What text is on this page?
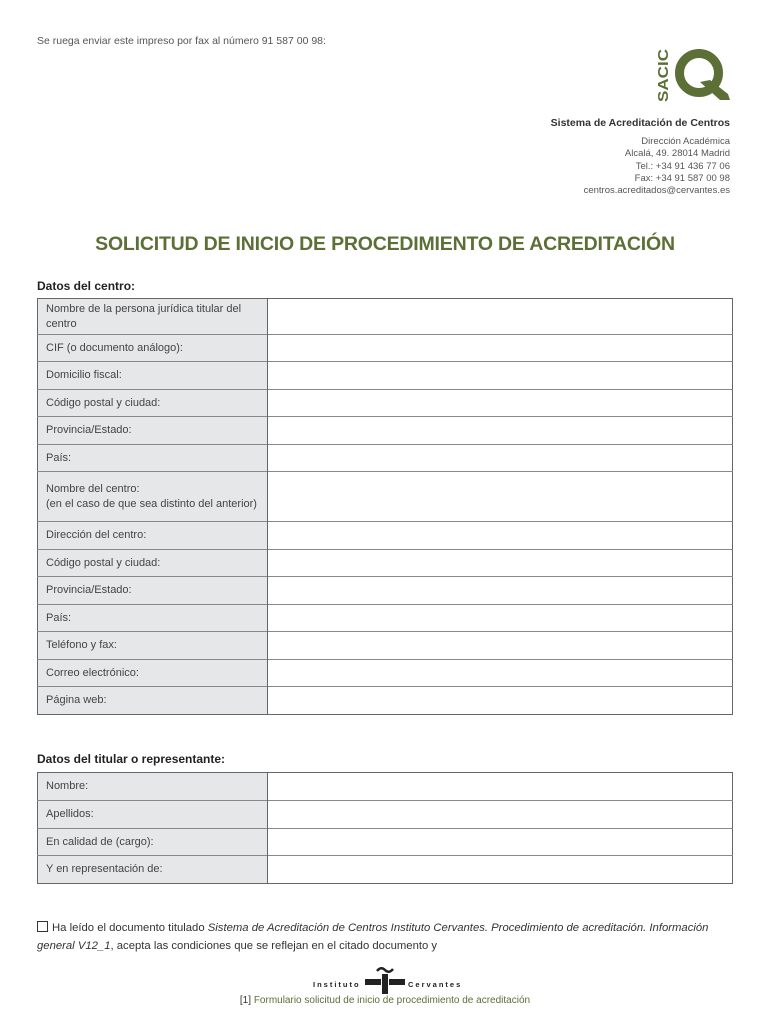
Se ruega enviar este impreso por fax al número 91 587 00 98:
SACIC
Sistema de Acreditación de Centros
Dirección Académica
Alcalá, 49. 28014 Madrid
Tel.: +34 91 436 77 06
Fax: +34 91 587 00 98
centros.acreditados@cervantes.es
SOLICITUD DE INICIO DE PROCEDIMIENTO DE ACREDITACIÓN
Datos del centro:
Nombre de la persona jurídica titular del centro	
CIF (o documento análogo):	
Domicilio fiscal:	
Código postal y ciudad:	
Provincia/Estado:	
País:	
Nombre del centro:
(en el caso de que sea distinto del anterior)	
Dirección del centro:	
Código postal y ciudad:	
Provincia/Estado:	
País:	
Teléfono y fax:	
Correo electrónico:	
Página web:	
Datos del titular o representante:
Nombre:	
Apellidos:	
En calidad de (cargo):	
Y en representación de:	
Ha leído el documento titulado Sistema de Acreditación de Centros Instituto Cervantes. Procedimiento de acreditación. Información general V12_1, acepta las condiciones que se reflejan en el citado documento y
Instituto	Cervantes
[1] Formulario solicitud de inicio de procedimiento de acreditación
